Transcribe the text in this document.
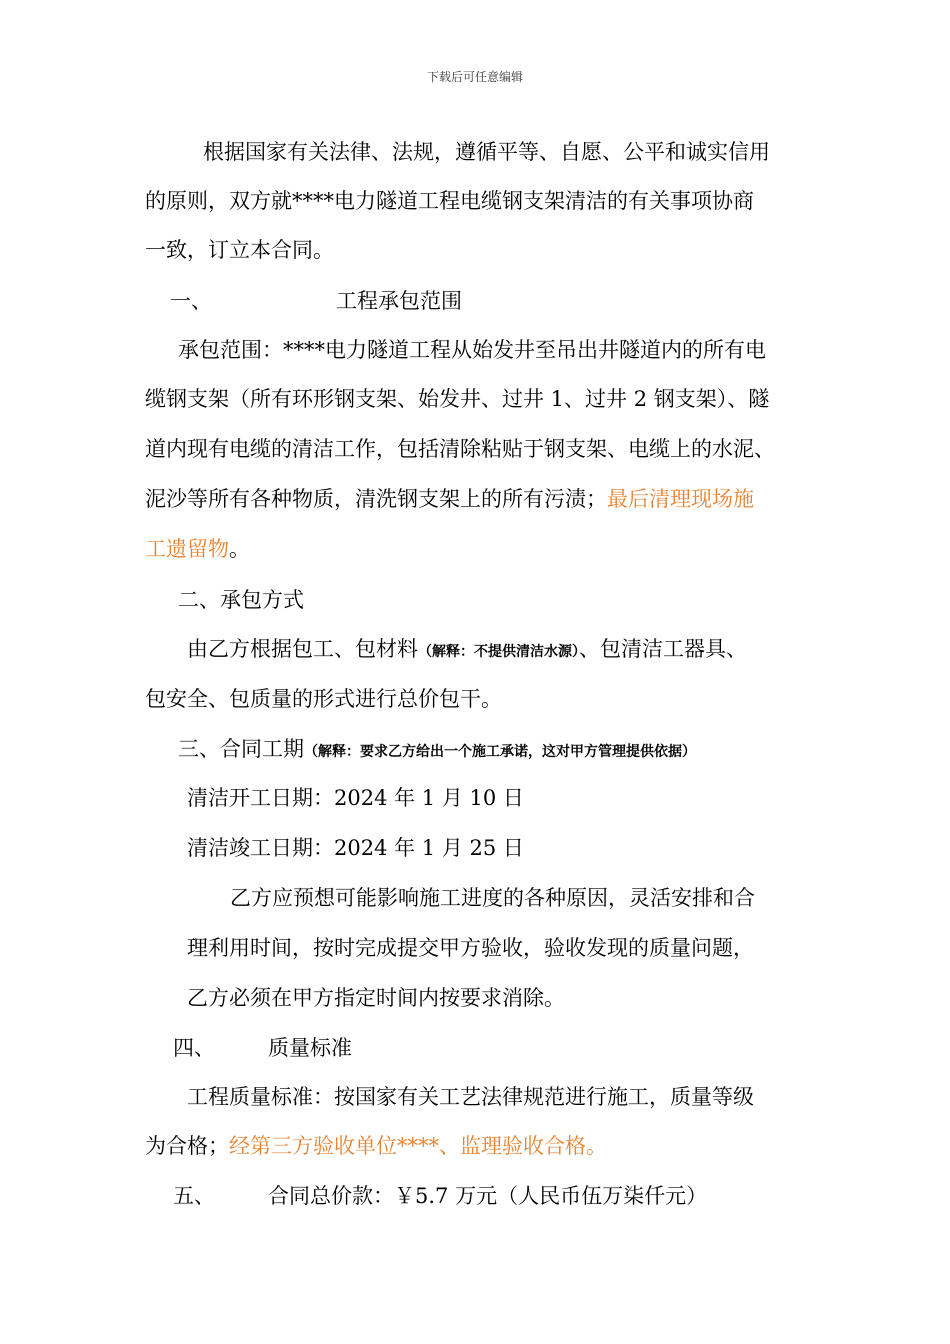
下载后可任意编辑
根据国家有关法律、法规，遵循平等、自愿、公平和诚实信用
的原则，双方就****电力隧道工程电缆钢支架清洁的有关事项协商
一致，订立本合同。
一、	工程承包范围
承包范围：****电力隧道工程从始发井至吊出井隧道内的所有电
缆钢支架（所有环形钢支架、始发井、过井 1、过井 2 钢支架）、隧
道内现有电缆的清洁工作，包括清除粘贴于钢支架、电缆上的水泥、
泥沙等所有各种物质，清洗钢支架上的所有污渍；最后清理现场施
工遗留物。
二、承包方式
由乙方根据包工、包材料（解释：不提供清洁水源）、包清洁工器具、
包安全、包质量的形式进行总价包干。
三、合同工期（解释：要求乙方给出一个施工承诺，这对甲方管理提供依据）
清洁开工日期：2024 年 1 月 10 日
清洁竣工日期：2024 年 1 月 25 日
乙方应预想可能影响施工进度的各种原因，灵活安排和合
理利用时间，按时完成提交甲方验收，验收发现的质量问题，
乙方必须在甲方指定时间内按要求消除。
四、	质量标准
工程质量标准：按国家有关工艺法律规范进行施工，质量等级
为合格；经第三方验收单位****、监理验收合格。
五、	合同总价款：￥5.7 万元（人民币伍万柒仟元）
